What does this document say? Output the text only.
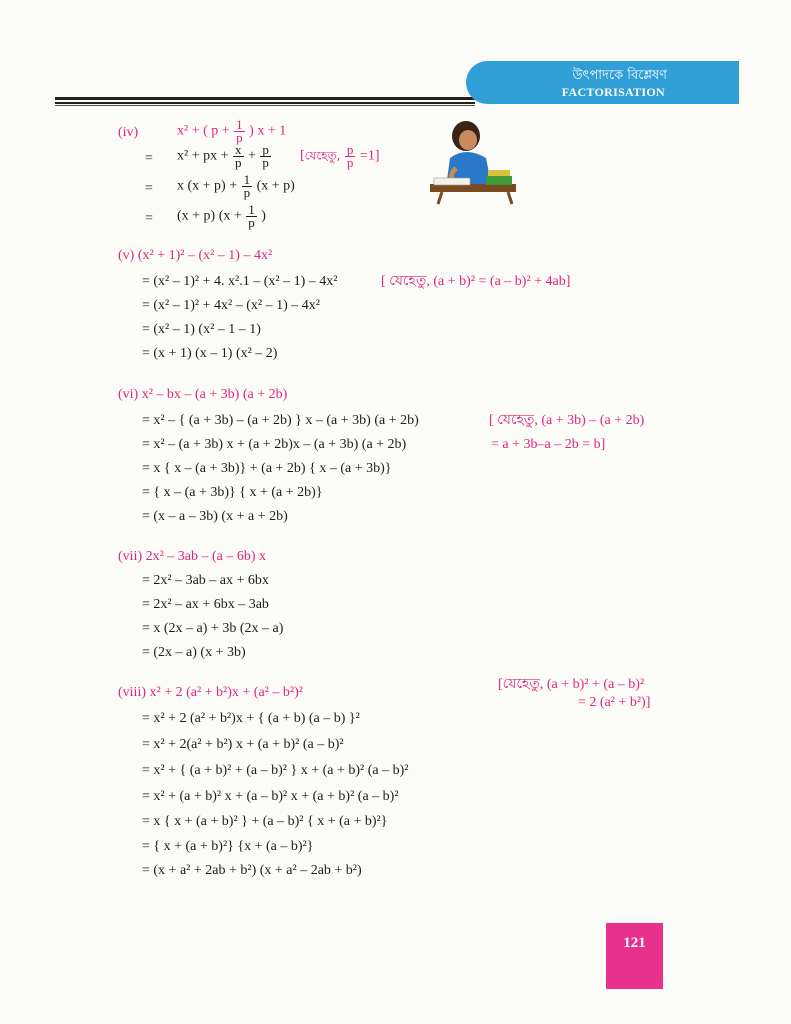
উৎপাদকে বিশ্লেষণ
FACTORISATION
(iv)	x² + ( $p + \frac{1}{p}$ ) x + 1
= x² + px + $\frac{x}{p} + \frac{p}{p}$ [যেহেতু, $\frac{p}{p} =1$]
= x $(x + p) + \frac{1}{p} (x + p)$
= (x + p) ($x + \frac{1}{p}$ )
(v) (x² + 1)² – (x² – 1) – 4x²
= (x² – 1)² + 4. x².1 – (x² – 1) – 4x²	[ যেহেতু, (a + b)² = (a – b)² + 4ab]
= (x² – 1)² + 4x² – (x² – 1) – 4x²
= (x² – 1) (x² – 1 – 1)
= (x + 1) (x – 1) (x² – 2)
(vi) x² – bx – (a + 3b) (a + 2b)
= x² – { (a + 3b) – (a + 2b) } x – (a + 3b) (a + 2b)	[ যেহেতু, (a + 3b) – (a + 2b)
= x² – (a + 3b) x + (a + 2b)x – (a + 3b) (a + 2b)	= a + 3b–a – 2b = b]
= x { x – (a + 3b)} + (a + 2b) { x – (a + 3b)}
= { x – (a + 3b)} { x + (a + 2b)}
= (x – a – 3b) (x + a + 2b)
(vii) 2x² – 3ab – (a – 6b) x
= 2x² – 3ab – ax + 6bx
= 2x² – ax + 6bx – 3ab
= x (2x – a) + 3b (2x – a)
= (2x – a) (x + 3b)
[যেহেতু, (a + b)² + (a – b)²
= 2 (a² + b²)]
(viii) x² + 2 (a² + b²)x + (a² – b²)²
= x² + 2 (a² + b²)x + { (a + b) (a – b) }²
= x² + 2(a² + b²) x + (a + b)² (a – b)²
= x² + { (a + b)² + (a – b)² } x + (a + b)² (a – b)²
= x² + (a + b)² x + (a – b)² x + (a + b)² (a – b)²
= x { x + (a + b)² } + (a – b)² { x + (a + b)²}
= { x + (a + b)²} {x + (a – b)²}
= (x + a² + 2ab + b²) (x + a² – 2ab + b²)
121
